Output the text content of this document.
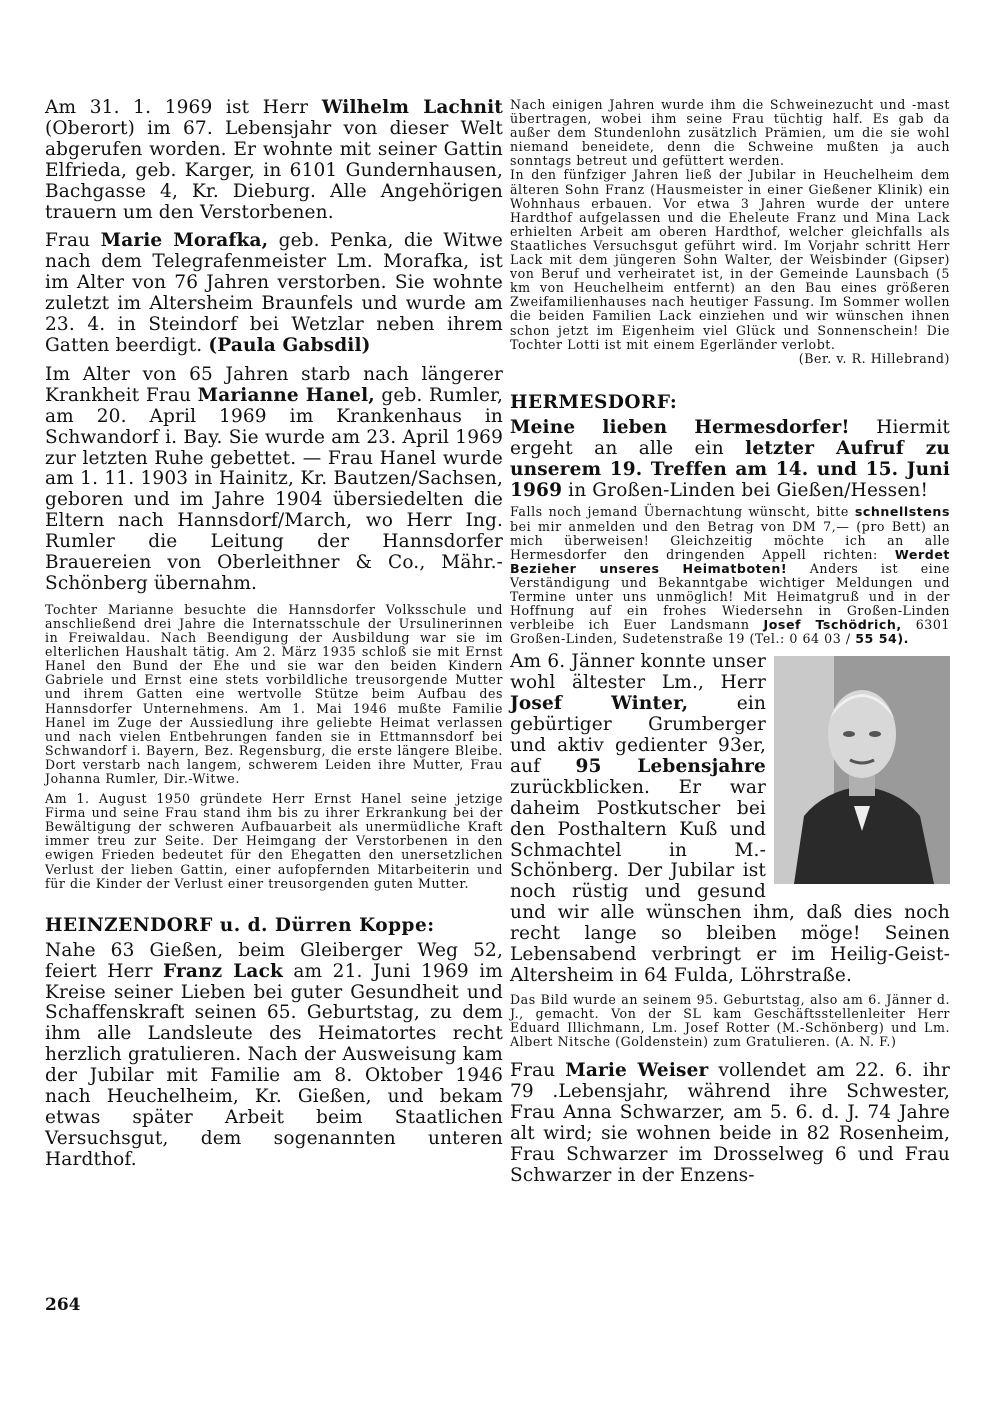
Am 31. 1. 1969 ist Herr Wilhelm Lachnit (Oberort) im 67. Lebensjahr von dieser Welt abgerufen worden. Er wohnte mit seiner Gattin Elfrieda, geb. Karger, in 6101 Gundernhausen, Bachgasse 4, Kr. Dieburg. Alle Angehörigen trauern um den Verstorbenen.

Frau Marie Morafka, geb. Penka, die Witwe nach dem Telegrafenmeister Lm. Morafka, ist im Alter von 76 Jahren verstorben. Sie wohnte zuletzt im Altersheim Braunfels und wurde am 23. 4. in Steindorf bei Wetzlar neben ihrem Gatten beerdigt. (Paula Gabsdil)

Im Alter von 65 Jahren starb nach längerer Krankheit Frau Marianne Hanel, geb. Rumler, am 20. April 1969 im Krankenhaus in Schwandorf i. Bay. Sie wurde am 23. April 1969 zur letzten Ruhe gebettet. — Frau Hanel wurde am 1. 11. 1903 in Hainitz, Kr. Bautzen/Sachsen, geboren und im Jahre 1904 übersiedelten die Eltern nach Hannsdorf/March, wo Herr Ing. Rumler die Leitung der Hannsdorfer Brauereien von Oberleithner & Co., Mähr.-Schönberg übernahm.

Tochter Marianne besuchte die Hannsdorfer Volksschule und anschließend drei Jahre die Internatsschule der Ursulinerinnen in Freiwaldau. Nach Beendigung der Ausbildung war sie im elterlichen Haushalt tätig. Am 2. März 1935 schloß sie mit Ernst Hanel den Bund der Ehe und sie war den beiden Kindern Gabriele und Ernst eine stets vorbildliche treusorgende Mutter und ihrem Gatten eine wertvolle Stütze beim Aufbau des Hannsdorfer Unternehmens. Am 1. Mai 1946 mußte Familie Hanel im Zuge der Aussiedlung ihre geliebte Heimat verlassen und nach vielen Entbehrungen fanden sie in Ettmannsdorf bei Schwandorf i. Bayern, Bez. Regensburg, die erste längere Bleibe. Dort verstarb nach langem, schwerem Leiden ihre Mutter, Frau Johanna Rumler, Dir.-Witwe.

Am 1. August 1950 gründete Herr Ernst Hanel seine jetzige Firma und seine Frau stand ihm bis zu ihrer Erkrankung bei der Bewältigung der schweren Aufbauarbeit als unermüdliche Kraft immer treu zur Seite. Der Heimgang der Verstorbenen in den ewigen Frieden bedeutet für den Ehegatten den unersetzlichen Verlust der lieben Gattin, einer aufopfernden Mitarbeiterin und für die Kinder der Verlust einer treusorgenden guten Mutter.

HEINZENDORF u. d. Dürren Koppe:

Nahe 63 Gießen, beim Gleiberger Weg 52, feiert Herr Franz Lack am 21. Juni 1969 im Kreise seiner Lieben bei guter Gesundheit und Schaffenskraft seinen 65. Geburtstag, zu dem ihm alle Landsleute des Heimatortes recht herzlich gratulieren. Nach der Ausweisung kam der Jubilar mit Familie am 8. Oktober 1946 nach Heuchelheim, Kr. Gießen, und bekam etwas später Arbeit beim Staatlichen Versuchsgut, dem sogenannten unteren Hardthof.

Nach einigen Jahren wurde ihm die Schweinezucht und -mast übertragen, wobei ihm seine Frau tüchtig half. Es gab da außer dem Stundenlohn zusätzlich Prämien, um die sie wohl niemand beneidete, denn die Schweine mußten ja auch sonntags betreut und gefüttert werden.

In den fünfziger Jahren ließ der Jubilar in Heuchelheim dem älteren Sohn Franz (Hausmeister in einer Gießener Klinik) ein Wohnhaus erbauen. Vor etwa 3 Jahren wurde der untere Hardthof aufgelassen und die Eheleute Franz und Mina Lack erhielten Arbeit am oberen Hardthof, welcher gleichfalls als Staatliches Versuchsgut geführt wird. Im Vorjahr schritt Herr Lack mit dem jüngeren Sohn Walter, der Weisbinder (Gipser) von Beruf und verheiratet ist, in der Gemeinde Launsbach (5 km von Heuchelheim entfernt) an den Bau eines größeren Zweifamilienhauses nach heutiger Fassung. Im Sommer wollen die beiden Familien Lack einziehen und wir wünschen ihnen schon jetzt im Eigenheim viel Glück und Sonnenschein! Die Tochter Lotti ist mit einem Egerländer verlobt.

(Ber. v. R. Hillebrand)

HERMESDORF:

Meine lieben Hermesdorfer! Hiermit ergeht an alle ein letzter Aufruf zu unserem 19. Treffen am 14. und 15. Juni 1969 in Großen-Linden bei Gießen/Hessen!

Falls noch jemand Übernachtung wünscht, bitte schnellstens bei mir anmelden und den Betrag von DM 7,— (pro Bett) an mich überweisen! Gleichzeitig möchte ich an alle Hermesdorfer den dringenden Appell richten: Werdet Bezieher unseres Heimatboten! Anders ist eine Verständigung und Bekanntgabe wichtiger Meldungen und Termine unter uns unmöglich! Mit Heimatgruß und in der Hoffnung auf ein frohes Wiedersehn in Großen-Linden verbleibe ich Euer Landsmann Josef Tschödrich, 6301 Großen-Linden, Sudetenstraße 19 (Tel.: 0 64 03 / 55 54).

Am 6. Jänner konnte unser wohl ältester Lm., Herr Josef Winter, ein gebürtiger Grumberger und aktiv gedienter 93er, auf 95 Lebensjahre zurückblicken. Er war daheim Postkutscher bei den Posthaltern Kuß und Schmachtel in M.-Schönberg. Der Jubilar ist noch rüstig und gesund und wir alle wünschen ihm, daß dies noch recht lange so bleiben möge! Seinen Lebensabend verbringt er im Heilig-Geist-Altersheim in 64 Fulda, Löhrstraße.

Das Bild wurde an seinem 95. Geburtstag, also am 6. Jänner d. J., gemacht. Von der SL kam Geschäftsstellenleiter Herr Eduard Illichmann, Lm. Josef Rotter (M.-Schönberg) und Lm. Albert Nitsche (Goldenstein) zum Gratulieren. (A. N. F.)

Frau Marie Weiser vollendet am 22. 6. ihr 79 .Lebensjahr, während ihre Schwester, Frau Anna Schwarzer, am 5. 6. d. J. 74 Jahre alt wird; sie wohnen beide in 82 Rosenheim, Frau Schwarzer im Drosselweg 6 und Frau Schwarzer in der Enzens-

264
